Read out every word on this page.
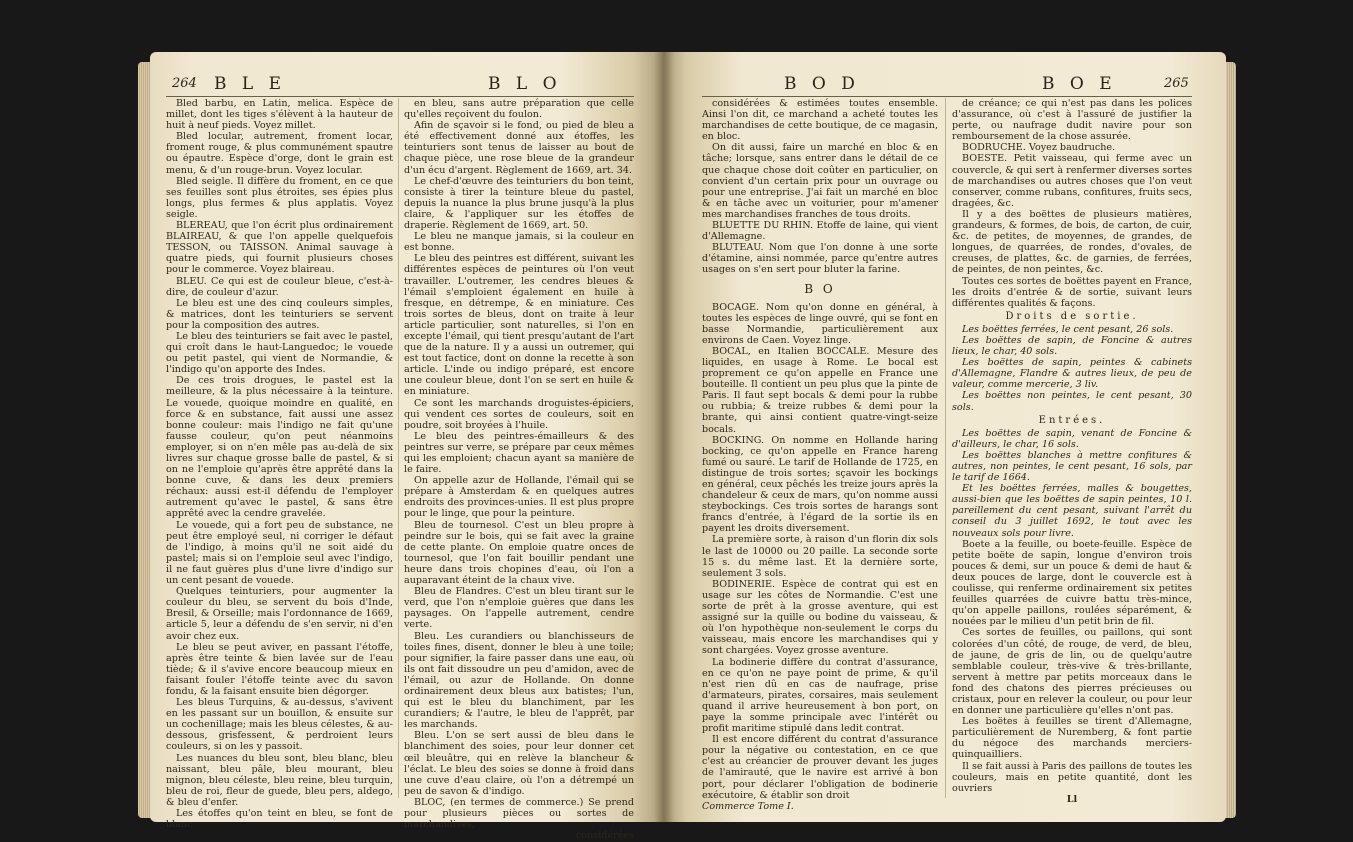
264 B L E	B L O

Bled barbu, en Latin, melica. Espèce de millet, dont les tiges s'élèvent à la hauteur de huit à neuf pieds. Voyez millet.

Bled locular, autrement, froment locar, froment rouge, & plus communément spautre ou épautre. Espèce d'orge, dont le grain est menu, & d'un rouge-brun. Voyez locular.

Bled seigle. Il diffère du froment, en ce que ses feuilles sont plus étroites, ses épies plus longs, plus fermes & plus applatis. Voyez seigle.

BLEREAU, que l'on écrit plus ordinairement BLAIREAU, & que l'on appelle quelquefois TESSON, ou TAISSON. Animal sauvage à quatre pieds, qui fournit plusieurs choses pour le commerce. Voyez blaireau.

BLEU. Ce qui est de couleur bleue, c'est-à-dire, de couleur d'azur.

Le bleu est une des cinq couleurs simples, & matrices, dont les teinturiers se servent pour la composition des autres.

Le bleu des teinturiers se fait avec le pastel, qui croît dans le haut-Languedoc; le vouede ou petit pastel, qui vient de Normandie, & l'indigo qu'on apporte des Indes.

De ces trois drogues, le pastel est la meilleure, & la plus nécessaire à la teinture. Le vouede, quoique moindre en qualité, en force & en substance, fait aussi une assez bonne couleur: mais l'indigo ne fait qu'une fausse couleur, qu'on peut néanmoins employer, si on n'en mêle pas au-delà de six livres sur chaque grosse balle de pastel, & si on ne l'emploie qu'après être apprêté dans la bonne cuve, & dans les deux premiers réchaux: aussi est-il défendu de l'employer autrement qu'avec le pastel, & sans être apprêté avec la cendre gravelée.

Le vouede, qui a fort peu de substance, ne peut être employé seul, ni corriger le défaut de l'indigo, à moins qu'il ne soit aidé du pastel; mais si on l'emploie seul avec l'indigo, il ne faut guères plus d'une livre d'indigo sur un cent pesant de vouede.

Quelques teinturiers, pour augmenter la couleur du bleu, se servent du bois d'Inde, Bresil, & Orseille; mais l'ordonnance de 1669, article 5, leur a défendu de s'en servir, ni d'en avoir chez eux.

Le bleu se peut aviver, en passant l'étoffe, après être teinte & bien lavée sur de l'eau tiède; & il s'avive encore beaucoup mieux en faisant fouler l'étoffe teinte avec du savon fondu, & la faisant ensuite bien dégorger.

Les bleus Turquins, & au-dessus, s'avivent en les passant sur un bouillon, & ensuite sur un cochenillage; mais les bleus célestes, & au-dessous, grisfessent, & perdroient leurs couleurs, si on les y passoit.

Les nuances du bleu sont, bleu blanc, bleu naissant, bleu pâle, bleu mourant, bleu mignon, bleu céleste, bleu reine, bleu turquin, bleu de roi, fleur de guede, bleu pers, aldego, & bleu d'enfer.

Les étoffes qu'on teint en bleu, se font de blanc

en bleu, sans autre préparation que celle qu'elles reçoivent du foulon.

Afin de sçavoir si le fond, ou pied de bleu a été effectivement donné aux étoffes, les teinturiers sont tenus de laisser au bout de chaque pièce, une rose bleue de la grandeur d'un écu d'argent. Règlement de 1669, art. 34.

Le chef-d'œuvre des teinturiers du bon teint, consiste à tirer la teinture bleue du pastel, depuis la nuance la plus brune jusqu'à la plus claire, & l'appliquer sur les étoffes de draperie. Règlement de 1669, art. 50.

Le bleu ne manque jamais, si la couleur en est bonne.

Le bleu des peintres est différent, suivant les différentes espèces de peintures où l'on veut travailler. L'outremer, les cendres bleues & l'émail s'emploient également en huile à fresque, en détrempe, & en miniature. Ces trois sortes de bleus, dont on traite à leur article particulier, sont naturelles, si l'on en excepte l'émail, qui tient presqu'autant de l'art que de la nature. Il y a aussi un outremer, qui est tout factice, dont on donne la recette à son article. L'inde ou indigo préparé, est encore une couleur bleue, dont l'on se sert en huile & en miniature.

Ce sont les marchands droguistes-épiciers, qui vendent ces sortes de couleurs, soit en poudre, soit broyées à l'huile.

Le bleu des peintres-émailleurs & des peintres sur verre, se prépare par ceux mêmes qui les emploient; chacun ayant sa manière de le faire.

On appelle azur de Hollande, l'émail qui se prépare à Amsterdam & en quelques autres endroits des provinces-unies. Il est plus propre pour le linge, que pour la peinture.

Bleu de tournesol. C'est un bleu propre à peindre sur le bois, qui se fait avec la graine de cette plante. On emploie quatre onces de tournesol, que l'on fait bouillir pendant une heure dans trois chopines d'eau, où l'on a auparavant éteint de la chaux vive.

Bleu de Flandres. C'est un bleu tirant sur le verd, que l'on n'emploie guères que dans les paysages. On l'appelle autrement, cendre verte.

Bleu. Les curandiers ou blanchisseurs de toiles fines, disent, donner le bleu à une toile; pour signifier, la faire passer dans une eau, où ils ont fait dissoudre un peu d'amidon, avec de l'émail, ou azur de Hollande. On donne ordinairement deux bleus aux batistes; l'un, qui est le bleu du blanchiment, par les curandiers; & l'autre, le bleu de l'apprêt, par les marchands.

Bleu. L'on se sert aussi de bleu dans le blanchiment des soies, pour leur donner cet œil bleuâtre, qui en relève la blancheur & l'éclat. Le bleu des soies se donne à froid dans une cuve d'eau claire, où l'on a détrempé un peu de savon & d'indigo.

BLOC, (en termes de commerce.) Se prend pour plusieurs pièces ou sortes de marchandises,

considérées

B O D	B O E	265

considérées & estimées toutes ensemble. Ainsi l'on dit, ce marchand a acheté toutes les marchandises de cette boutique, de ce magasin, en bloc.

On dit aussi, faire un marché en bloc & en tâche; lorsque, sans entrer dans le détail de ce que chaque chose doit coûter en particulier, on convient d'un certain prix pour un ouvrage ou pour une entreprise. J'ai fait un marché en bloc & en tâche avec un voiturier, pour m'amener mes marchandises franches de tous droits.

BLUETTE DU RHIN. Etoffe de laine, qui vient d'Allemagne.

BLUTEAU. Nom que l'on donne à une sorte d'étamine, ainsi nommée, parce qu'entre autres usages on s'en sert pour bluter la farine.

B O

BOCAGE. Nom qu'on donne en général, à toutes les espèces de linge ouvré, qui se font en basse Normandie, particulièrement aux environs de Caen. Voyez linge.

BOCAL, en Italien BOCCALE. Mesure des liquides, en usage à Rome. Le bocal est proprement ce qu'on appelle en France une bouteille. Il contient un peu plus que la pinte de Paris. Il faut sept bocals & demi pour la rubbe ou rubbia; & treize rubbes & demi pour la brante, qui ainsi contient quatre-vingt-seize bocals.

BOCKING. On nomme en Hollande haring bocking, ce qu'on appelle en France hareng fumé ou sauré. Le tarif de Hollande de 1725, en distingue de trois sortes; sçavoir les bockings en général, ceux pêchés les treize jours après la chandeleur & ceux de mars, qu'on nomme aussi steybockings. Ces trois sortes de harangs sont francs d'entrée, à l'égard de la sortie ils en payent les droits diversement.

La première sorte, à raison d'un florin dix sols le last de 10000 ou 20 paille. La seconde sorte 15 s. du même last. Et la dernière sorte, seulement 3 sols.

BODINERIE. Espèce de contrat qui est en usage sur les côtes de Normandie. C'est une sorte de prêt à la grosse aventure, qui est assigné sur la quille ou bodine du vaisseau, & où l'on hypothèque non-seulement le corps du vaisseau, mais encore les marchandises qui y sont chargées. Voyez grosse aventure.

La bodinerie diffère du contrat d'assurance, en ce qu'on ne paye point de prime, & qu'il n'est rien dû en cas de naufrage, prise d'armateurs, pirates, corsaires, mais seulement quand il arrive heureusement à bon port, on paye la somme principale avec l'intérêt ou profit maritime stipulé dans ledit contrat.

Il est encore différent du contrat d'assurance pour la négative ou contestation, en ce que c'est au créancier de prouver devant les juges de l'amirauté, que le navire est arrivé à bon port, pour déclarer l'obligation de bodinerie exécutoire, & établir son droit

Commerce Tome I.

de créance; ce qui n'est pas dans les polices d'assurance, où c'est à l'assuré de justifier la perte, ou naufrage dudit navire pour son remboursement de la chose assurée.

BODRUCHE. Voyez baudruche.

BOESTE. Petit vaisseau, qui ferme avec un couvercle, & qui sert à renfermer diverses sortes de marchandises ou autres choses que l'on veut conserver, comme rubans, confitures, fruits secs, dragées, &c.

Il y a des boëttes de plusieurs matières, grandeurs, & formes, de bois, de carton, de cuir, &c. de petites, de moyennes, de grandes, de longues, de quarrées, de rondes, d'ovales, de creuses, de plattes, &c. de garnies, de ferrées, de peintes, de non peintes, &c.

Toutes ces sortes de boëttes payent en France, les droits d'entrée & de sortie, suivant leurs différentes qualités & façons.

Droits de sortie.

Les boëttes ferrées, le cent pesant, 26 sols.

Les boëttes de sapin, de Foncine & autres lieux, le char, 40 sols.

Les boëttes de sapin, peintes & cabinets d'Allemagne, Flandre & autres lieux, de peu de valeur, comme mercerie, 3 liv.

Les boëttes non peintes, le cent pesant, 30 sols.

Entrées.

Les boëttes de sapin, venant de Foncine & d'ailleurs, le char, 16 sols.

Les boëttes blanches à mettre confitures & autres, non peintes, le cent pesant, 16 sols, par le tarif de 1664.

Et les boëttes ferrées, malles & bougettes, aussi-bien que les boëttes de sapin peintes, 10 l. pareillement du cent pesant, suivant l'arrêt du conseil du 3 juillet 1692, le tout avec les nouveaux sols pour livre.

Boete a la feuille, ou boete-feuille. Espèce de petite boëte de sapin, longue d'environ trois pouces & demi, sur un pouce & demi de haut & deux pouces de large, dont le couvercle est à coulisse, qui renferme ordinairement six petites feuilles quarrées de cuivre battu très-mince, qu'on appelle paillons, roulées séparément, & nouées par le milieu d'un petit brin de fil.

Ces sortes de feuilles, ou paillons, qui sont colorées d'un côté, de rouge, de verd, de bleu, de jaune, de gris de lin, ou de quelqu'autre semblable couleur, très-vive & très-brillante, servent à mettre par petits morceaux dans le fond des chatons des pierres précieuses ou cristaux, pour en relever la couleur, ou pour leur en donner une particulière qu'elles n'ont pas.

Les boëtes à feuilles se tirent d'Allemagne, particulièrement de Nuremberg, & font partie du négoce des marchands merciers-quinquailliers.

Il se fait aussi à Paris des paillons de toutes les couleurs, mais en petite quantité, dont les ouvriers

Ll
